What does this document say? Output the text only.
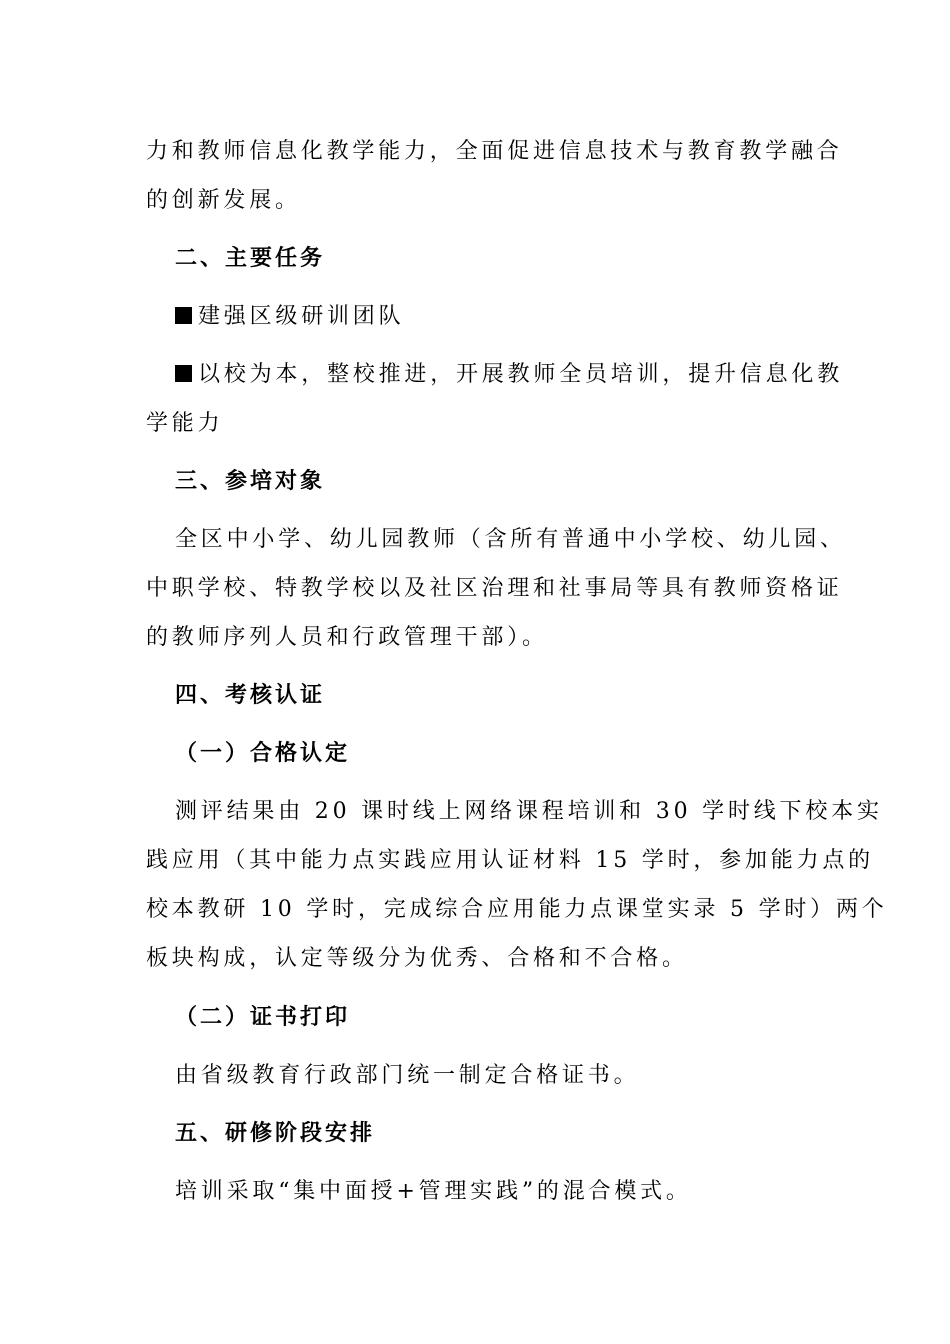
力和教师信息化教学能力，全面促进信息技术与教育教学融合
的创新发展。
二、主要任务
建强区级研训团队
以校为本，整校推进，开展教师全员培训，提升信息化教
学能力
三、参培对象
全区中小学、幼儿园教师（含所有普通中小学校、幼儿园、
中职学校、特教学校以及社区治理和社事局等具有教师资格证
的教师序列人员和行政管理干部）。
四、考核认证
（一）合格认定
测评结果由 20 课时线上网络课程培训和 30 学时线下校本实
践应用（其中能力点实践应用认证材料 15 学时，参加能力点的
校本教研 10 学时，完成综合应用能力点课堂实录 5 学时）两个
板块构成，认定等级分为优秀、合格和不合格。
（二）证书打印
由省级教育行政部门统一制定合格证书。
五、研修阶段安排
培训采取“集中面授+管理实践”的混合模式。
